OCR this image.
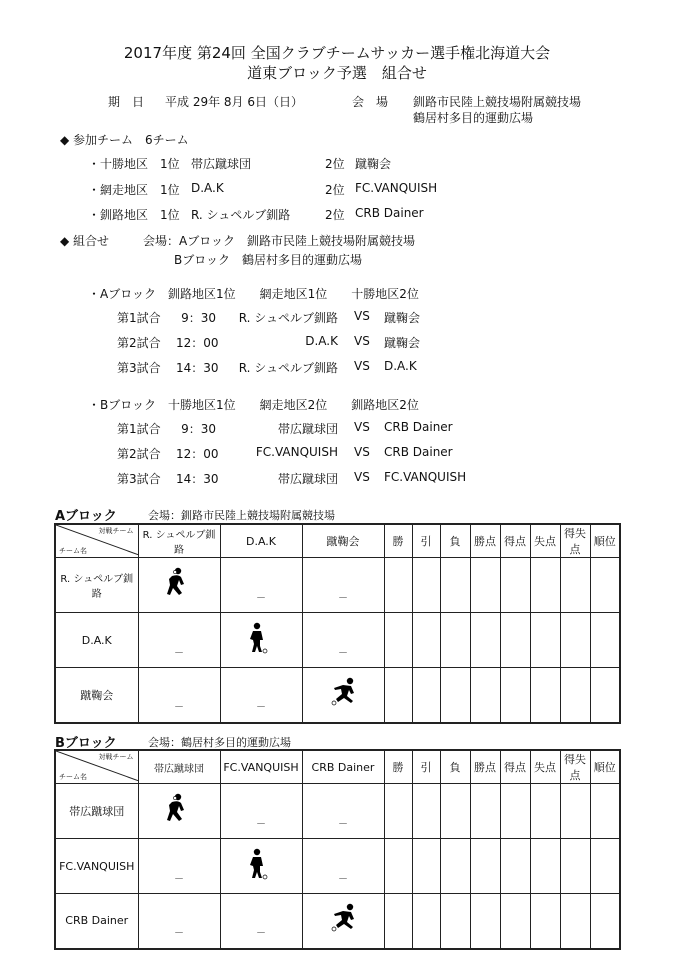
2017年度 第24回 全国クラブチームサッカー選手権北海道大会
道東ブロック予選　組合せ
期　日 平成 29年 8月 6日（日）	会　場 釧路市民陸上競技場附属競技場
鶴居村多目的運動広場
◆ 参加チーム　6チーム
・十勝地区 1位 帯広蹴球団	2位 蹴鞠会
・網走地区 1位 D.A.K	2位 FC.VANQUISH
・釧路地区 1位 R. シュペルブ釧路	2位 CRB Dainer
◆ 組合せ	会場：Aブロック　釧路市民陸上競技場附属競技場
Bブロック　鶴居村多目的運動広場
・Aブロック　釧路地区1位　　網走地区1位　　十勝地区2位
第1試合	9：30	R. シュペルブ釧路 VS 蹴鞠会
第2試合 12：00	D.A.K VS 蹴鞠会
第3試合 14：30	R. シュペルブ釧路 VS D.A.K
・Bブロック　十勝地区1位　　網走地区2位　　釧路地区2位
第1試合	9：30	帯広蹴球団 VS CRB Dainer
第2試合 12：00	FC.VANQUISH VS CRB Dainer
第3試合 14：30	帯広蹴球団 VS FC.VANQUISH
Aブロック	会場：釧路市民陸上競技場附属競技場
対戦チーム
チーム名	R. シュペルブ釧路	D.A.K	蹴鞠会	勝	引	負	勝点	得点	失点	得失点	順位
R. シュペルブ釧路		－	－								
D.A.K	－		－								
蹴鞠会	－	－									
Bブロック	会場：鶴居村多目的運動広場
対戦チーム
チーム名	帯広蹴球団	FC.VANQUISH	CRB Dainer	勝	引	負	勝点	得点	失点	得失点	順位
帯広蹴球団		－	－								
FC.VANQUISH	－		－								
CRB Dainer	－	－									
